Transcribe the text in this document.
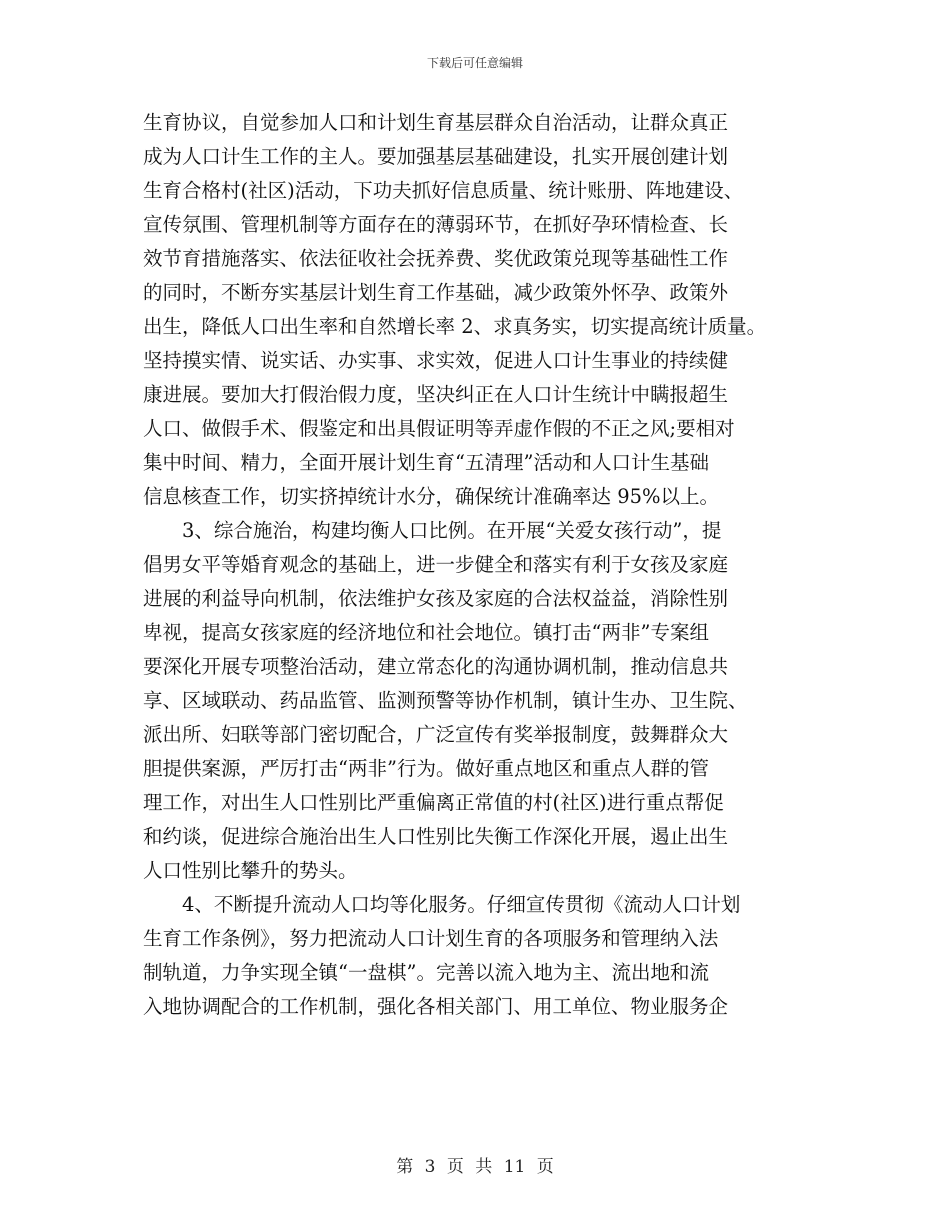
下载后可任意编辑
生育协议，自觉参加人口和计划生育基层群众自治活动，让群众真正
成为人口计生工作的主人。要加强基层基础建设，扎实开展创建计划
生育合格村(社区)活动，下功夫抓好信息质量、统计账册、阵地建设、
宣传氛围、管理机制等方面存在的薄弱环节，在抓好孕环情检查、长
效节育措施落实、依法征收社会抚养费、奖优政策兑现等基础性工作
的同时，不断夯实基层计划生育工作基础，减少政策外怀孕、政策外
出生，降低人口出生率和自然增长率 2、求真务实，切实提高统计质量。
坚持摸实情、说实话、办实事、求实效，促进人口计生事业的持续健
康进展。要加大打假治假力度，坚决纠正在人口计生统计中瞒报超生
人口、做假手术、假鉴定和出具假证明等弄虚作假的不正之风;要相对
集中时间、精力，全面开展计划生育“五清理”活动和人口计生基础
信息核查工作，切实挤掉统计水分，确保统计准确率达 95%以上。
　　3、综合施治，构建均衡人口比例。在开展“关爱女孩行动”，提
倡男女平等婚育观念的基础上，进一步健全和落实有利于女孩及家庭
进展的利益导向机制，依法维护女孩及家庭的合法权益益，消除性别
卑视，提高女孩家庭的经济地位和社会地位。镇打击“两非”专案组
要深化开展专项整治活动，建立常态化的沟通协调机制，推动信息共
享、区域联动、药品监管、监测预警等协作机制，镇计生办、卫生院、
派出所、妇联等部门密切配合，广泛宣传有奖举报制度，鼓舞群众大
胆提供案源，严厉打击“两非”行为。做好重点地区和重点人群的管
理工作，对出生人口性别比严重偏离正常值的村(社区)进行重点帮促
和约谈，促进综合施治出生人口性别比失衡工作深化开展，遏止出生
人口性别比攀升的势头。
　　4、不断提升流动人口均等化服务。仔细宣传贯彻《流动人口计划
生育工作条例》，努力把流动人口计划生育的各项服务和管理纳入法
制轨道，力争实现全镇“一盘棋”。完善以流入地为主、流出地和流
入地协调配合的工作机制，强化各相关部门、用工单位、物业服务企
第 3 页 共 11 页
